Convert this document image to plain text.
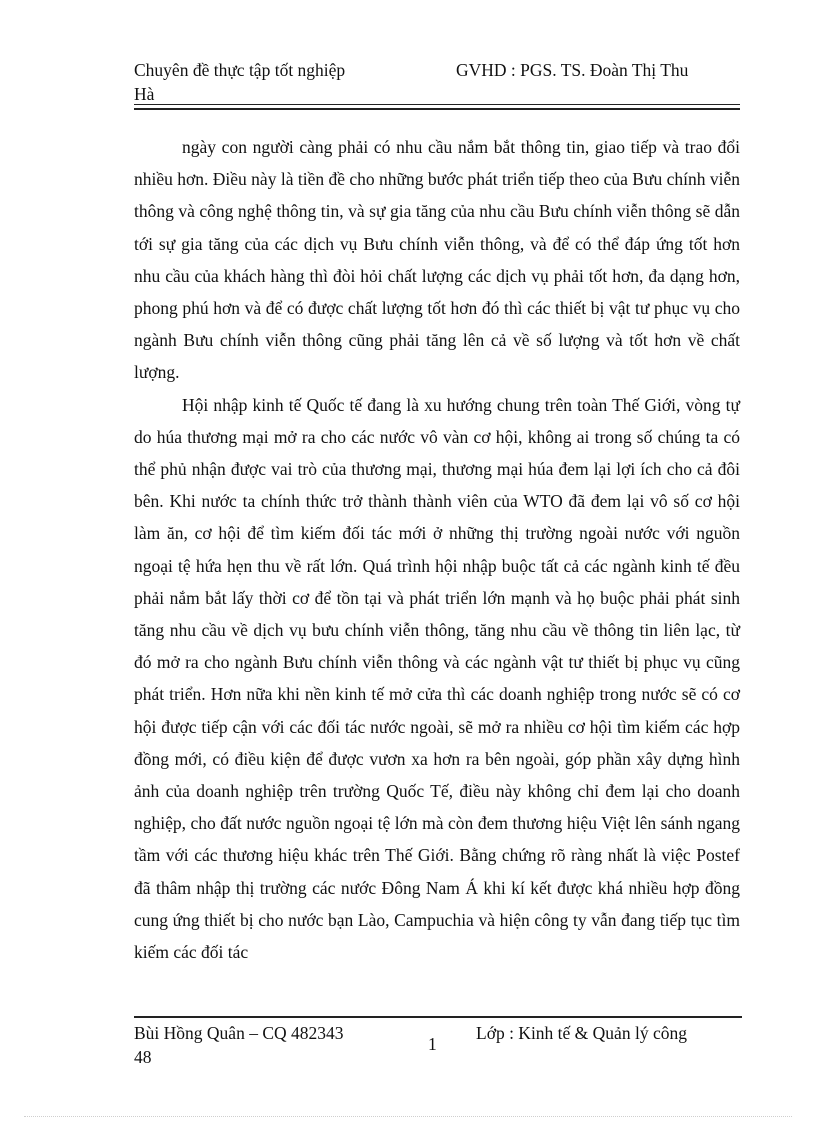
Chuyên đề thực tập tốt nghiệp	GVHD : PGS. TS. Đoàn Thị Thu
Hà

ngày con người càng phải có nhu cầu nắm bắt thông tin, giao tiếp và trao đổi nhiều hơn. Điều này là tiền đề cho những bước phát triển tiếp theo của Bưu chính viễn thông và công nghệ thông tin, và sự gia tăng của nhu cầu Bưu chính viễn thông sẽ dẫn tới sự gia tăng của các dịch vụ Bưu chính viễn thông, và để có thể đáp ứng tốt hơn nhu cầu của khách hàng thì đòi hỏi chất lượng các dịch vụ phải tốt hơn, đa dạng hơn, phong phú hơn và để có được chất lượng tốt hơn đó thì các thiết bị vật tư phục vụ cho ngành Bưu chính viễn thông cũng phải tăng lên cả về số lượng và tốt hơn về chất lượng.

Hội nhập kinh tế Quốc tế đang là xu hướng chung trên toàn Thế Giới, vòng tự do húa thương mại mở ra cho các nước vô vàn cơ hội, không ai trong số chúng ta có thể phủ nhận được vai trò của thương mại, thương mại húa đem lại lợi ích cho cả đôi bên. Khi nước ta chính thức trở thành thành viên của WTO đã đem lại vô số cơ hội làm ăn, cơ hội để tìm kiếm đối tác mới ở những thị trường ngoài nước với nguồn ngoại tệ hứa hẹn thu về rất lớn. Quá trình hội nhập buộc tất cả các ngành kinh tế đều phải nắm bắt lấy thời cơ để tồn tại và phát triển lớn mạnh và họ buộc phải phát sinh tăng nhu cầu về dịch vụ bưu chính viễn thông, tăng nhu cầu về thông tin liên lạc, từ đó mở ra cho ngành Bưu chính viễn thông và các ngành vật tư thiết bị phục vụ cũng phát triển. Hơn nữa khi nền kinh tế mở cửa thì các doanh nghiệp trong nước sẽ có cơ hội được tiếp cận với các đối tác nước ngoài, sẽ mở ra nhiều cơ hội tìm kiếm các hợp đồng mới, có điều kiện để được vươn xa hơn ra bên ngoài, góp phần xây dựng hình ảnh của doanh nghiệp trên trường Quốc Tế, điều này không chỉ đem lại cho doanh nghiệp, cho đất nước nguồn ngoại tệ lớn mà còn đem thương hiệu Việt lên sánh ngang tầm với các thương hiệu khác trên Thế Giới. Bằng chứng rõ ràng nhất là việc Postef đã thâm nhập thị trường các nước Đông Nam Á khi kí kết được khá nhiều hợp đồng cung ứng thiết bị cho nước bạn Lào, Campuchia và hiện công ty vẫn đang tiếp tục tìm kiếm các đối tác

Bùi Hồng Quân – CQ 482343
48
1
Lớp : Kinh tế & Quản lý công
